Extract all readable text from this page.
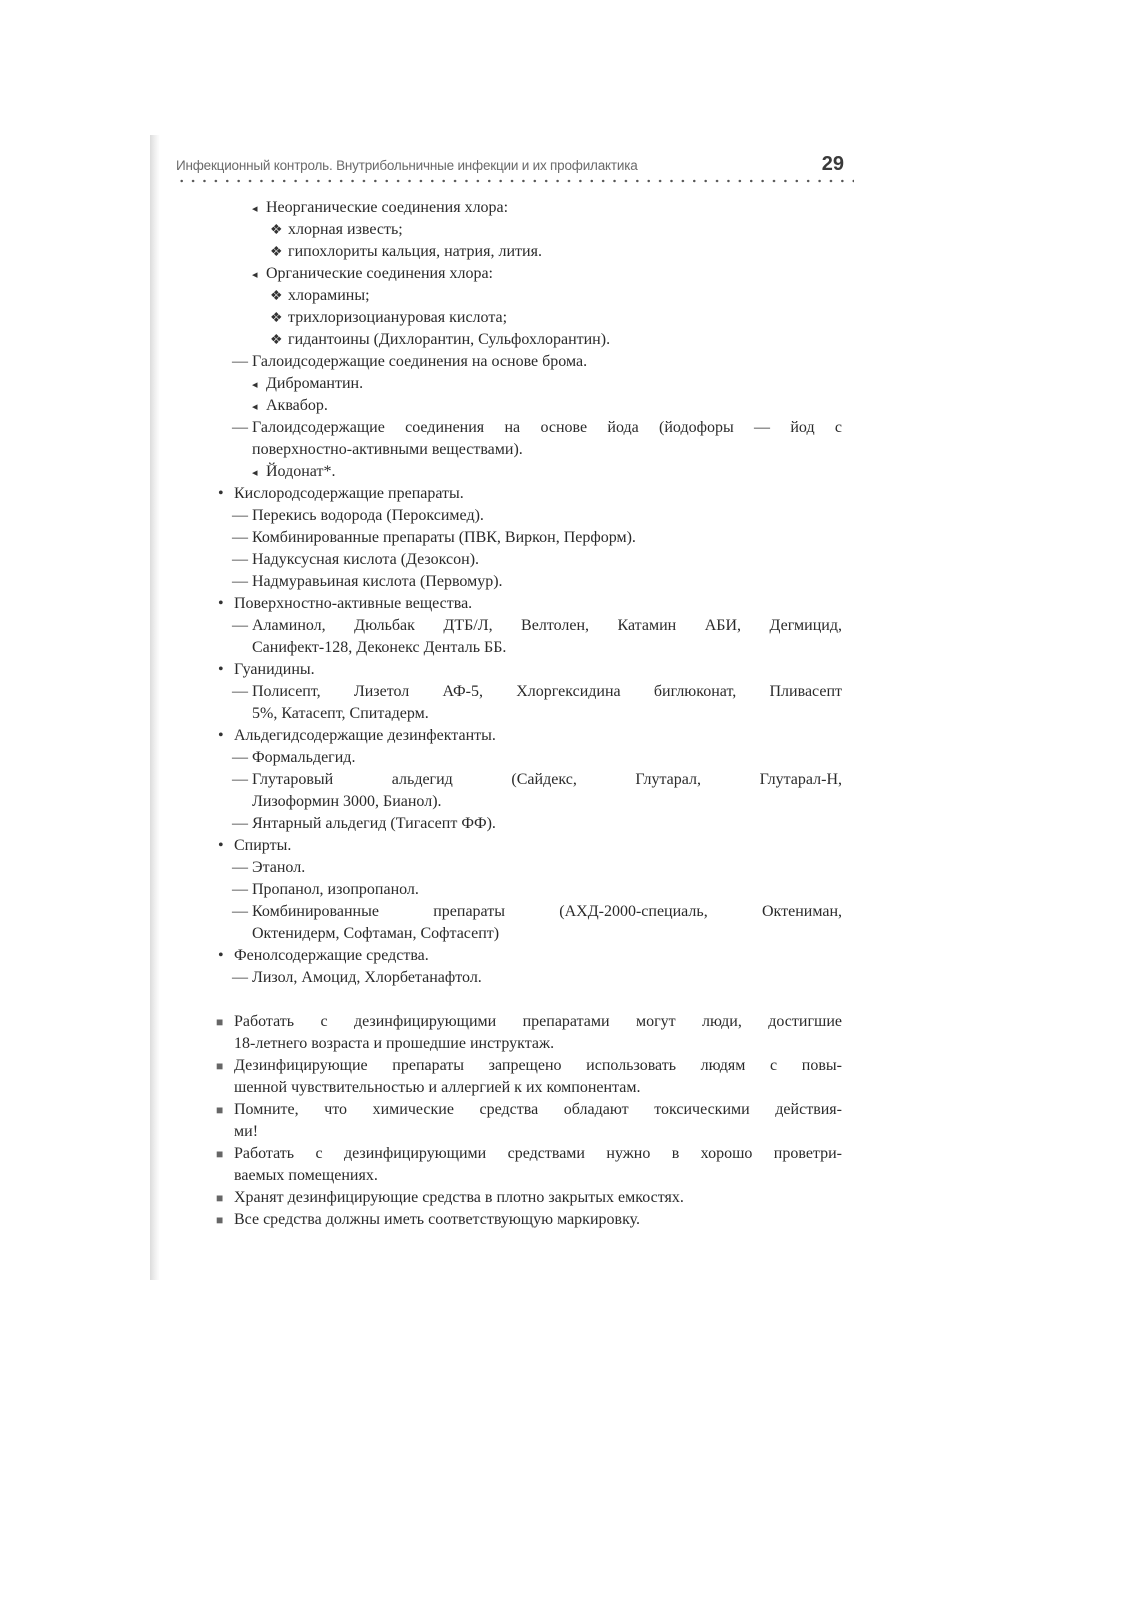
Инфекционный контроль. Внутрибольничные инфекции и их профилактика	29
◂ Неорганические соединения хлора:
❖ хлорная известь;
❖ гипохлориты кальция, натрия, лития.
◂ Органические соединения хлора:
❖ хлорамины;
❖ трихлоризоциануровая кислота;
❖ гидантоины (Дихлорантин, Сульфохлорантин).
— Галоидсодержащие соединения на основе брома.
◂ Дибромантин.
◂ Аквабор.
— Галоидсодержащие соединения на основе йода (йодофоры — йод с
поверхностно-активными веществами).
◂ Йодонат*.
• Кислородсодержащие препараты.
— Перекись водорода (Пероксимед).
— Комбинированные препараты (ПВК, Виркон, Перформ).
— Надуксусная кислота (Дезоксон).
— Надмуравьиная кислота (Первомур).
• Поверхностно-активные вещества.
— Аламинол, Дюльбак ДТБ/Л, Велтолен, Катамин АБИ, Дегмицид,
Санифект-128, Деконекс Денталь ББ.
• Гуанидины.
— Полисепт, Лизетол АФ-5, Хлоргексидина биглюконат, Пливасепт
5%, Катасепт, Спитадерм.
• Альдегидсодержащие дезинфектанты.
— Формальдегид.
— Глутаровый альдегид (Сайдекс, Глутарал, Глутарал-Н,
Лизоформин 3000, Бианол).
— Янтарный альдегид (Тигасепт ФФ).
• Спирты.
— Этанол.
— Пропанол, изопропанол.
— Комбинированные препараты (АХД-2000-специаль, Октениман,
Октенидерм, Софтаман, Софтасепт)
• Фенолсодержащие средства.
— Лизол, Амоцид, Хлорбетанафтол.
■ Работать с дезинфицирующими препаратами могут люди, достигшие
18-летнего возраста и прошедшие инструктаж.
■ Дезинфицирующие препараты запрещено использовать людям с повы-
шенной чувствительностью и аллергией к их компонентам.
■ Помните, что химические средства обладают токсическими действия-
ми!
■ Работать с дезинфицирующими средствами нужно в хорошо проветри-
ваемых помещениях.
■ Хранят дезинфицирующие средства в плотно закрытых емкостях.
■ Все средства должны иметь соответствующую маркировку.
